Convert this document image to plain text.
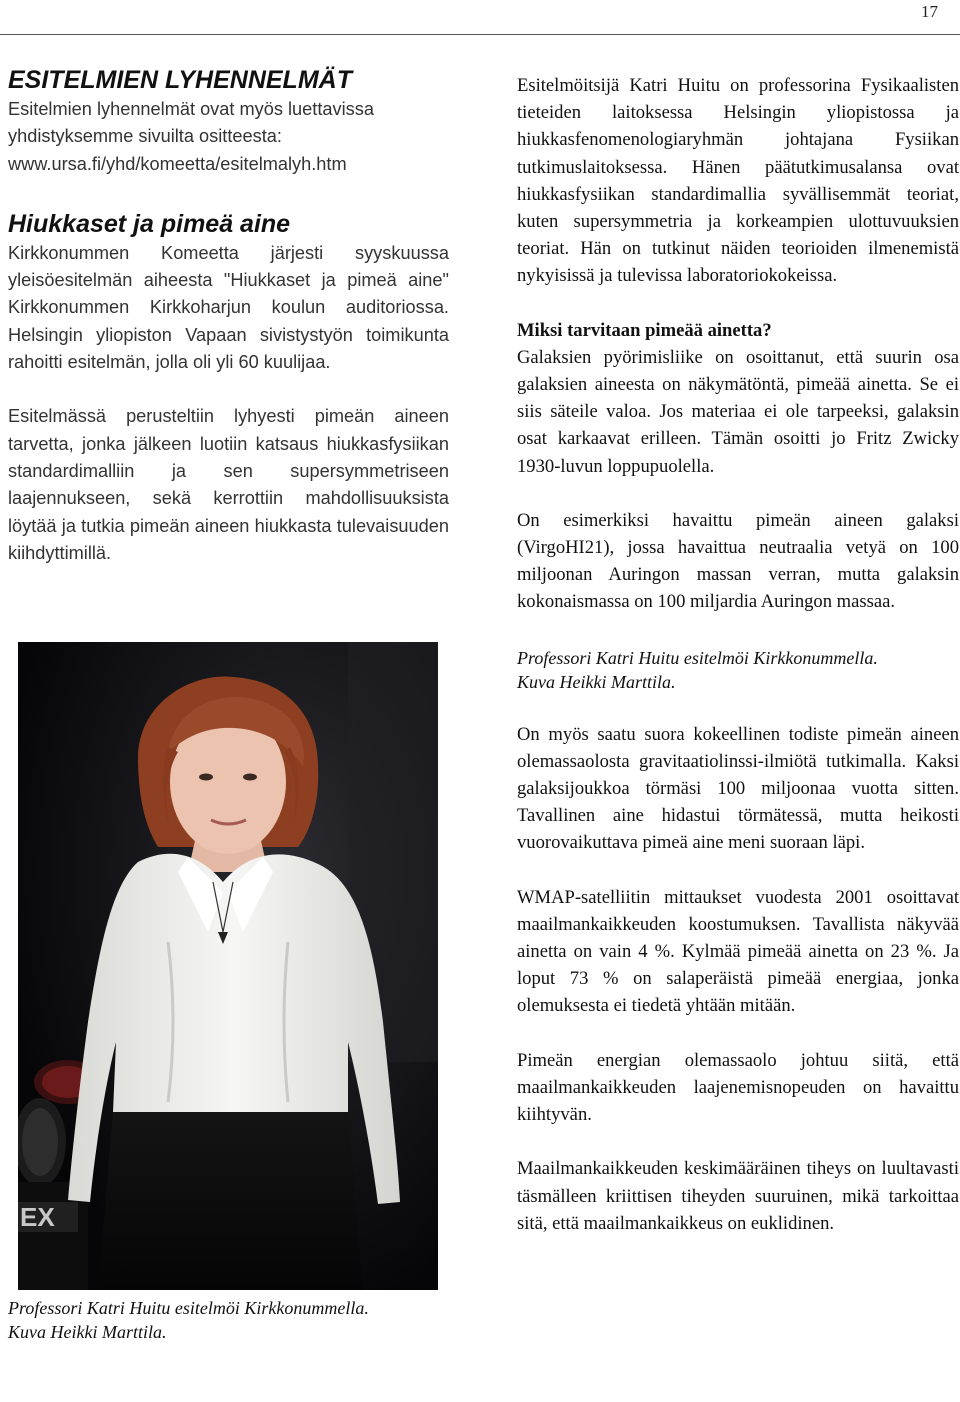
17
ESITELMIEN LYHENNELMÄT
Esitelmien lyhennelmät ovat myös luettavissa
yhdistyksemme sivuilta ositteesta:
www.ursa.fi/yhd/komeetta/esitelmalyh.htm
Hiukkaset ja pimeä aine

Kirkkonummen Komeetta järjesti syyskuussa yleisöesitelmän aiheesta "Hiukkaset ja pimeä aine" Kirkkonummen Kirkkoharjun koulun auditoriossa. Helsingin yliopiston Vapaan sivistystyön toimikunta rahoitti esitelmän, jolla oli yli 60 kuulijaa.

Esitelmässä perusteltiin lyhyesti pimeän aineen tarvetta, jonka jälkeen luotiin katsaus hiukkasfysiikan standardimalliin ja sen supersymmetriseen laajennukseen, sekä kerrottiin mahdollisuuksista löytää ja tutkia pimeän aineen hiukkasta tulevaisuuden kiihdyttimillä.

EX

Professori Katri Huitu esitelmöi Kirkkonummella.

Kuva Heikki Marttila.

Esitelmöitsijä Katri Huitu on professorina Fysikaalisten tieteiden laitoksessa Helsingin yliopistossa ja hiukkasfenomenologiaryhmän johtajana Fysiikan tutkimuslaitoksessa. Hänen päätutkimusalansa ovat hiukkasfysiikan standardimallia syvällisemmät teoriat, kuten supersymmetria ja korkeampien ulottuvuuksien teoriat. Hän on tutkinut näiden teorioiden ilmenemistä nykyisissä ja tulevissa laboratoriokokeissa.

Miksi tarvitaan pimeää ainetta?

Galaksien pyörimisliike on osoittanut, että suurin osa galaksien aineesta on näkymätöntä, pimeää ainetta. Se ei siis säteile valoa. Jos materiaa ei ole tarpeeksi, galaksin osat karkaavat erilleen. Tämän osoitti jo Fritz Zwicky 1930-luvun loppupuolella.

On esimerkiksi havaittu pimeän aineen galaksi (VirgoHI21), jossa havaittua neutraalia vetyä on 100 miljoonan Auringon massan verran, mutta galaksin kokonaismassa on 100 miljardia Auringon massaa.

Professori Katri Huitu esitelmöi Kirkkonummella.

Kuva Heikki Marttila.

On myös saatu suora kokeellinen todiste pimeän aineen olemassaolosta gravitaatiolinssi-ilmiötä tutkimalla. Kaksi galaksijoukkoa törmäsi 100 miljoonaa vuotta sitten. Tavallinen aine hidastui törmätessä, mutta heikosti vuorovaikuttava pimeä aine meni suoraan läpi.

WMAP-satelliitin mittaukset vuodesta 2001 osoittavat maailmankaikkeuden koostumuksen. Tavallista näkyvää ainetta on vain 4 %. Kylmää pimeää ainetta on 23 %. Ja loput 73 % on salaperäistä pimeää energiaa, jonka olemuksesta ei tiedetä yhtään mitään.

Pimeän energian olemassaolo johtuu siitä, että maailmankaikkeuden laajenemisnopeuden on havaittu kiihtyvän.

Maailmankaikkeuden keskimääräinen tiheys on luultavasti täsmälleen kriittisen tiheyden suuruinen, mikä tarkoittaa sitä, että maailmankaikkeus on euklidinen.
